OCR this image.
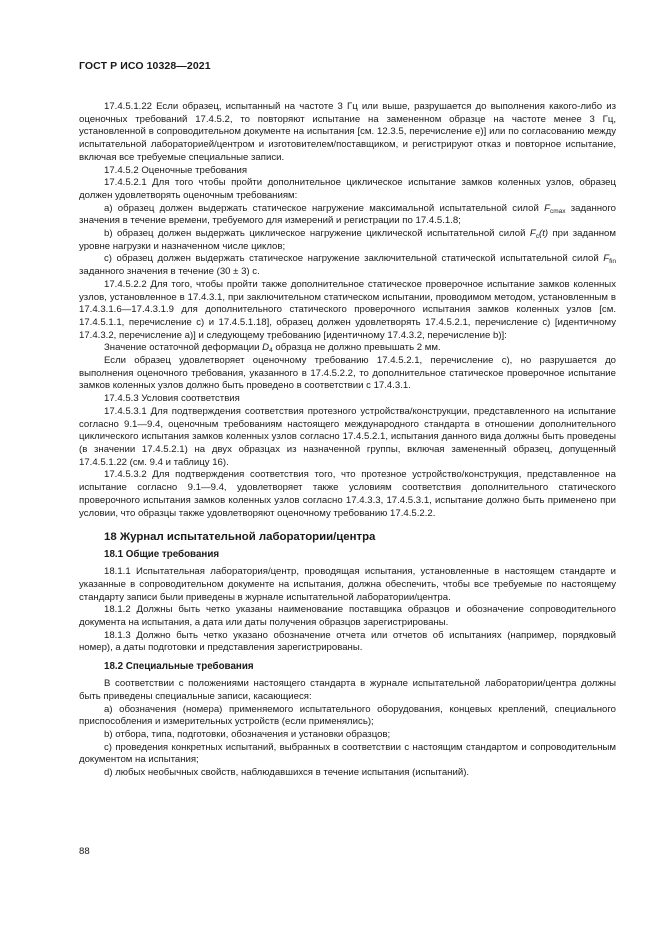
ГОСТ Р ИСО 10328—2021

17.4.5.1.22 Если образец, испытанный на частоте 3 Гц или выше, разрушается до выполнения какого-либо из оценочных требований 17.4.5.2, то повторяют испытание на замененном образце на частоте менее 3 Гц, установленной в сопроводительном документе на испытания [см. 12.3.5, перечисление е)] или по согласованию между испытательной лабораторией/центром и изготовителем/поставщиком, и регистрируют отказ и повторное испытание, включая все требуемые специальные записи.

17.4.5.2 Оценочные требования

17.4.5.2.1 Для того чтобы пройти дополнительное циклическое испытание замков коленных узлов, образец должен удовлетворять оценочным требованиям:

а) образец должен выдержать статическое нагружение максимальной испытательной силой $F_{cmax}$ заданного значения в течение времени, требуемого для измерений и регистрации по 17.4.5.1.8;

b) образец должен выдержать циклическое нагружение циклической испытательной силой $F_c(t)$ при заданном уровне нагрузки и назначенном числе циклов;

с) образец должен выдержать статическое нагружение заключительной статической испытательной силой $F_{fin}$ заданного значения в течение (30 ± 3) с.

17.4.5.2.2 Для того, чтобы пройти также дополнительное статическое проверочное испытание замков коленных узлов, установленное в 17.4.3.1, при заключительном статическом испытании, проводимом методом, установленным в 17.4.3.1.6—17.4.3.1.9 для дополнительного статического проверочного испытания замков коленных узлов [см. 17.4.5.1.1, перечисление с) и 17.4.5.1.18], образец должен удовлетворять 17.4.5.2.1, перечисление с) [идентичному 17.4.3.2, перечисление а)] и следующему требованию [идентичному 17.4.3.2, перечисление b)]:

Значение остаточной деформации $D_4$ образца не должно превышать 2 мм.

Если образец удовлетворяет оценочному требованию 17.4.5.2.1, перечисление с), но разрушается до выполнения оценочного требования, указанного в 17.4.5.2.2, то дополнительное статическое проверочное испытание замков коленных узлов должно быть проведено в соответствии с 17.4.3.1.

17.4.5.3 Условия соответствия

17.4.5.3.1 Для подтверждения соответствия протезного устройства/конструкции, представленного на испытание согласно 9.1—9.4, оценочным требованиям настоящего международного стандарта в отношении дополнительного циклического испытания замков коленных узлов согласно 17.4.5.2.1, испытания данного вида должны быть проведены (в значении 17.4.5.2.1) на двух образцах из назначенной группы, включая замененный образец, допущенный 17.4.5.1.22 (см. 9.4 и таблицу 16).

17.4.5.3.2 Для подтверждения соответствия того, что протезное устройство/конструкция, представленное на испытание согласно 9.1—9.4, удовлетворяет также условиям соответствия дополнительного статического проверочного испытания замков коленных узлов согласно 17.4.3.3, 17.4.5.3.1, испытание должно быть применено при условии, что образцы также удовлетворяют оценочному требованию 17.4.5.2.2.

18 Журнал испытательной лаборатории/центра
18.1 Общие требования

18.1.1 Испытательная лаборатория/центр, проводящая испытания, установленные в настоящем стандарте и указанные в сопроводительном документе на испытания, должна обеспечить, чтобы все требуемые по настоящему стандарту записи были приведены в журнале испытательной лаборатории/центра.

18.1.2 Должны быть четко указаны наименование поставщика образцов и обозначение сопроводительного документа на испытания, а дата или даты получения образцов зарегистрированы.

18.1.3 Должно быть четко указано обозначение отчета или отчетов об испытаниях (например, порядковый номер), а даты подготовки и представления зарегистрированы.

18.2 Специальные требования

В соответствии с положениями настоящего стандарта в журнале испытательной лаборатории/центра должны быть приведены специальные записи, касающиеся:

а) обозначения (номера) применяемого испытательного оборудования, концевых креплений, специального приспособления и измерительных устройств (если применялись);

b) отбора, типа, подготовки, обозначения и установки образцов;

с) проведения конкретных испытаний, выбранных в соответствии с настоящим стандартом и сопроводительным документом на испытания;

d) любых необычных свойств, наблюдавшихся в течение испытания (испытаний).

88
